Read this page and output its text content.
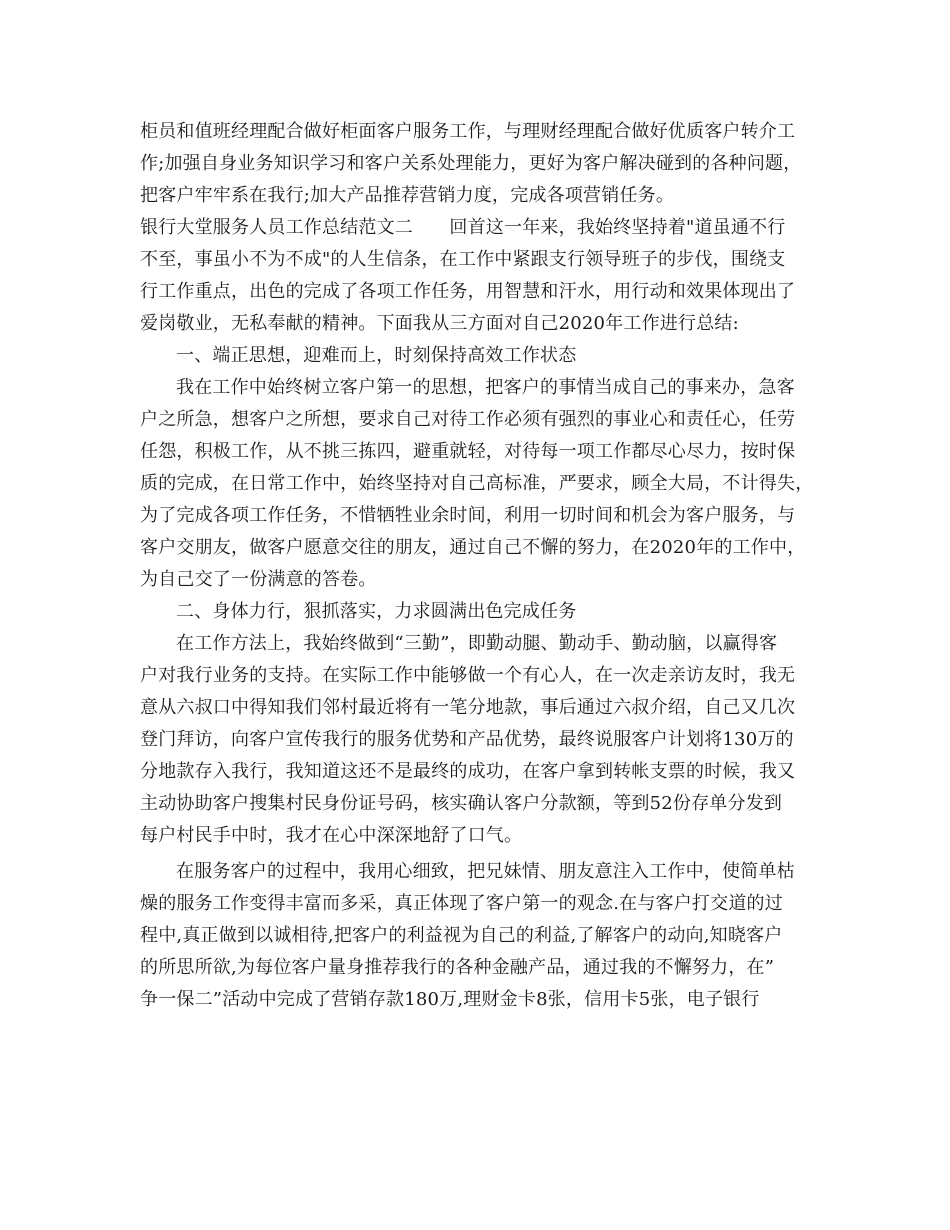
柜员和值班经理配合做好柜面客户服务工作，与理财经理配合做好优质客户转介工
作;加强自身业务知识学习和客户关系处理能力，更好为客户解决碰到的各种问题，
把客户牢牢系在我行;加大产品推荐营销力度，完成各项营销任务。
银行大堂服务人员工作总结范文二　　回首这一年来，我始终坚持着"道虽通不行
不至，事虽小不为不成"的人生信条，在工作中紧跟支行领导班子的步伐，围绕支
行工作重点，出色的完成了各项工作任务，用智慧和汗水，用行动和效果体现出了
爱岗敬业，无私奉献的精神。下面我从三方面对自己2020年工作进行总结:
一、端正思想，迎难而上，时刻保持高效工作状态
我在工作中始终树立客户第一的思想，把客户的事情当成自己的事来办，急客
户之所急，想客户之所想，要求自己对待工作必须有强烈的事业心和责任心，任劳
任怨，积极工作，从不挑三拣四，避重就轻，对待每一项工作都尽心尽力，按时保
质的完成，在日常工作中，始终坚持对自己高标准，严要求，顾全大局，不计得失，
为了完成各项工作任务，不惜牺牲业余时间，利用一切时间和机会为客户服务，与
客户交朋友，做客户愿意交往的朋友，通过自己不懈的努力，在2020年的工作中，
为自己交了一份满意的答卷。
二、身体力行，狠抓落实，力求圆满出色完成任务
在工作方法上，我始终做到“三勤”，即勤动腿、勤动手、勤动脑，以赢得客
户对我行业务的支持。在实际工作中能够做一个有心人，在一次走亲访友时，我无
意从六叔口中得知我们邻村最近将有一笔分地款，事后通过六叔介绍，自己又几次
登门拜访，向客户宣传我行的服务优势和产品优势，最终说服客户计划将130万的
分地款存入我行，我知道这还不是最终的成功，在客户拿到转帐支票的时候，我又
主动协助客户搜集村民身份证号码，核实确认客户分款额，等到52份存单分发到
每户村民手中时，我才在心中深深地舒了口气。
在服务客户的过程中，我用心细致，把兄妹情、朋友意注入工作中，使简单枯
燥的服务工作变得丰富而多采，真正体现了客户第一的观念.在与客户打交道的过
程中,真正做到以诚相待,把客户的利益视为自己的利益,了解客户的动向,知晓客户
的所思所欲,为每位客户量身推荐我行的各种金融产品，通过我的不懈努力，在”
争一保二”活动中完成了营销存款180万,理财金卡8张，信用卡5张，电子银行
